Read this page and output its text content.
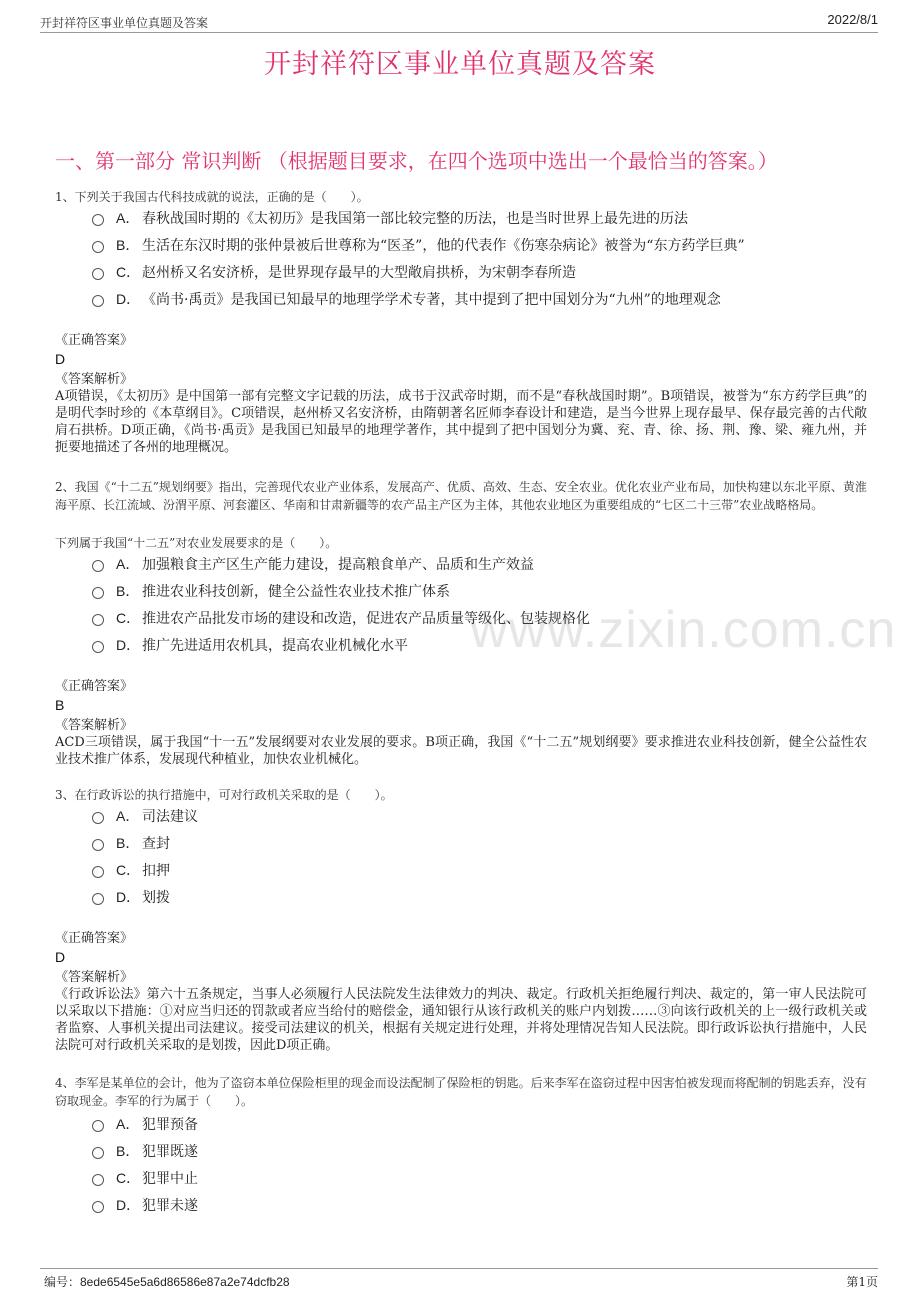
开封祥符区事业单位真题及答案	2022/8/1
www.zixin.com.cn
开封祥符区事业单位真题及答案
一、第一部分 常识判断 （根据题目要求，在四个选项中选出一个最恰当的答案。）
1、下列关于我国古代科技成就的说法，正确的是（　　）。
A． 春秋战国时期的《太初历》是我国第一部比较完整的历法，也是当时世界上最先进的历法
B． 生活在东汉时期的张仲景被后世尊称为“医圣”，他的代表作《伤寒杂病论》被誉为“东方药学巨典”
C． 赵州桥又名安济桥，是世界现存最早的大型敞肩拱桥，为宋朝李春所造
D． 《尚书·禹贡》是我国已知最早的地理学学术专著，其中提到了把中国划分为“九州”的地理观念
《正确答案》
D
《答案解析》
A项错误，《太初历》是中国第一部有完整文字记载的历法，成书于汉武帝时期，而不是“春秋战国时期”。B项错误，被誉为“东方药学巨典”的是明代李时珍的《本草纲目》。C项错误，赵州桥又名安济桥，由隋朝著名匠师李春设计和建造，是当今世界上现存最早、保存最完善的古代敞肩石拱桥。D项正确，《尚书·禹贡》是我国已知最早的地理学著作，其中提到了把中国划分为冀、兖、青、徐、扬、荆、豫、梁、雍九州，并扼要地描述了各州的地理概况。
2、我国《“十二五”规划纲要》指出，完善现代农业产业体系，发展高产、优质、高效、生态、安全农业。优化农业产业布局，加快构建以东北平原、黄淮海平原、长江流域、汾渭平原、河套灌区、华南和甘肃新疆等的农产品主产区为主体，其他农业地区为重要组成的“七区二十三带”农业战略格局。
下列属于我国“十二五”对农业发展要求的是（　　）。
A． 加强粮食主产区生产能力建设，提高粮食单产、品质和生产效益
B． 推进农业科技创新，健全公益性农业技术推广体系
C． 推进农产品批发市场的建设和改造，促进农产品质量等级化、包装规格化
D． 推广先进适用农机具，提高农业机械化水平
《正确答案》
B
《答案解析》
ACD三项错误，属于我国“十一五”发展纲要对农业发展的要求。B项正确，我国《“十二五”规划纲要》要求推进农业科技创新，健全公益性农业技术推广体系，发展现代种植业，加快农业机械化。
3、在行政诉讼的执行措施中，可对行政机关采取的是（　　）。
A． 司法建议
B． 查封
C． 扣押
D． 划拨
《正确答案》
D
《答案解析》
《行政诉讼法》第六十五条规定，当事人必须履行人民法院发生法律效力的判决、裁定。行政机关拒绝履行判决、裁定的，第一审人民法院可以采取以下措施：①对应当归还的罚款或者应当给付的赔偿金，通知银行从该行政机关的账户内划拨……③向该行政机关的上一级行政机关或者监察、人事机关提出司法建议。接受司法建议的机关，根据有关规定进行处理，并将处理情况告知人民法院。即行政诉讼执行措施中，人民法院可对行政机关采取的是划拨，因此D项正确。
4、李军是某单位的会计，他为了盗窃本单位保险柜里的现金而设法配制了保险柜的钥匙。后来李军在盗窃过程中因害怕被发现而将配制的钥匙丢弃，没有窃取现金。李军的行为属于（　　）。
A． 犯罪预备
B． 犯罪既遂
C． 犯罪中止
D． 犯罪未遂
编号：8ede6545e5a6d86586e87a2e74dcfb28	第1页
